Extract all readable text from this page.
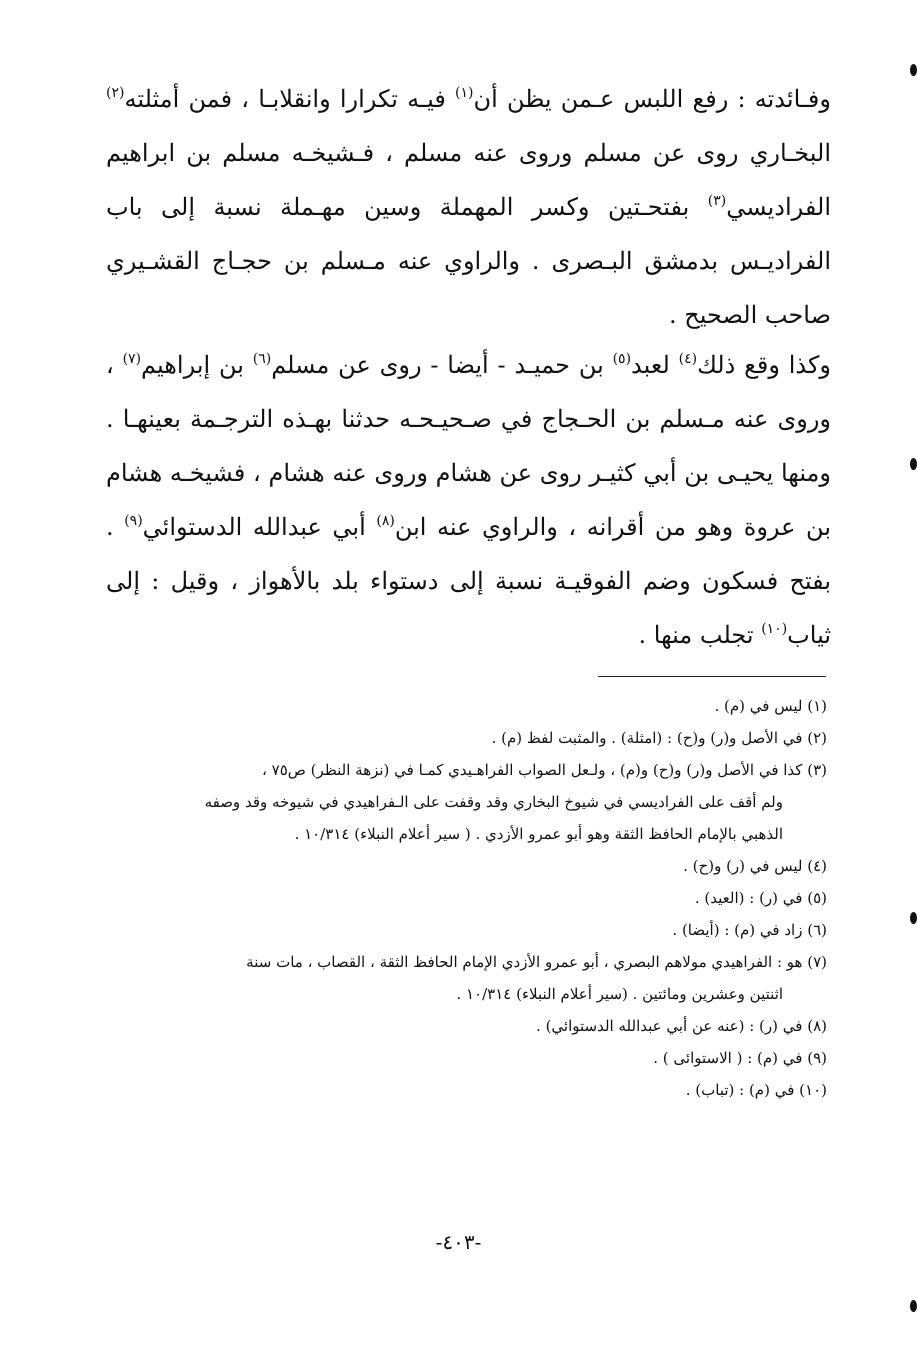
وفـائدته : رفع اللبس عـمن يظن أن$^{(١)}$ فيـه تكرارا وانقلابـا ، فمن أمثلته$^{(٢)}$ البخـاري روى عن مسلم وروى عنه مسلم ، فـشيخـه مسلم بن ابراهيم الفراديسي$^{(٣)}$ بفتحـتين وكسر المهملة وسين مهـملة نسبة إلى باب الفراديـس بدمشق البـصرى . والراوي عنه مـسلم بن حجـاج القشـيري صاحب الصحيح .

وكذا وقع ذلك$^{(٤)}$ لعبد$^{(٥)}$ بن حميـد - أيضا - روى عن مسلم$^{(٦)}$ بن إبراهيم$^{(٧)}$ ، وروى عنه مـسلم بن الحـجاج في صـحيـحـه حدثنا بهـذه الترجـمة بعينهـا . ومنها يحيـى بن أبي كثيـر روى عن هشام وروى عنه هشام ، فشيخـه هشام بن عروة وهو من أقرانه ، والراوي عنه ابن$^{(٨)}$ أبي عبدالله الدستوائي$^{(٩)}$ . بفتح فسكون وضم الفوقيـة نسبة إلى دستواء بلد بالأهواز ، وقيل : إلى ثياب$^{(١٠)}$ تجلب منها .

(١) ليس في (م) .

(٢) في الأصل و(ر) و(ح) : (امثلة) . والمثبت لفظ (م) .

(٣) كذا في الأصل و(ر) و(ح) و(م) ، ولـعل الصواب الفراهـيدي كمـا في (نزهة النظر) ص٧٥ ،

ولم أقف على الفراديسي في شيوخ البخاري وقد وقفت على الـفراهيدي في شيوخه وقد وصفه

الذهبي بالإمام الحافظ الثقة وهو أبو عمرو الأزدي . ( سير أعلام النبلاء) ١٠/٣١٤ .

(٤) ليس في (ر) و(ح) .

(٥) في (ر) : (العيد) .

(٦) زاد في (م) : (أيضا) .

(٧) هو : الفراهيدي مولاهم البصري ، أبو عمرو الأزدي الإمام الحافظ الثقة ، القصاب ، مات سنة

اثنتين وعشرين ومائتين . (سير أعلام النبلاء) ١٠/٣١٤ .

(٨) في (ر) : (عنه عن أبي عبدالله الدستوائي) .

(٩) في (م) : ( الاستوائى ) .

(١٠) في (م) : (تباب) .

-٤٠٣-
